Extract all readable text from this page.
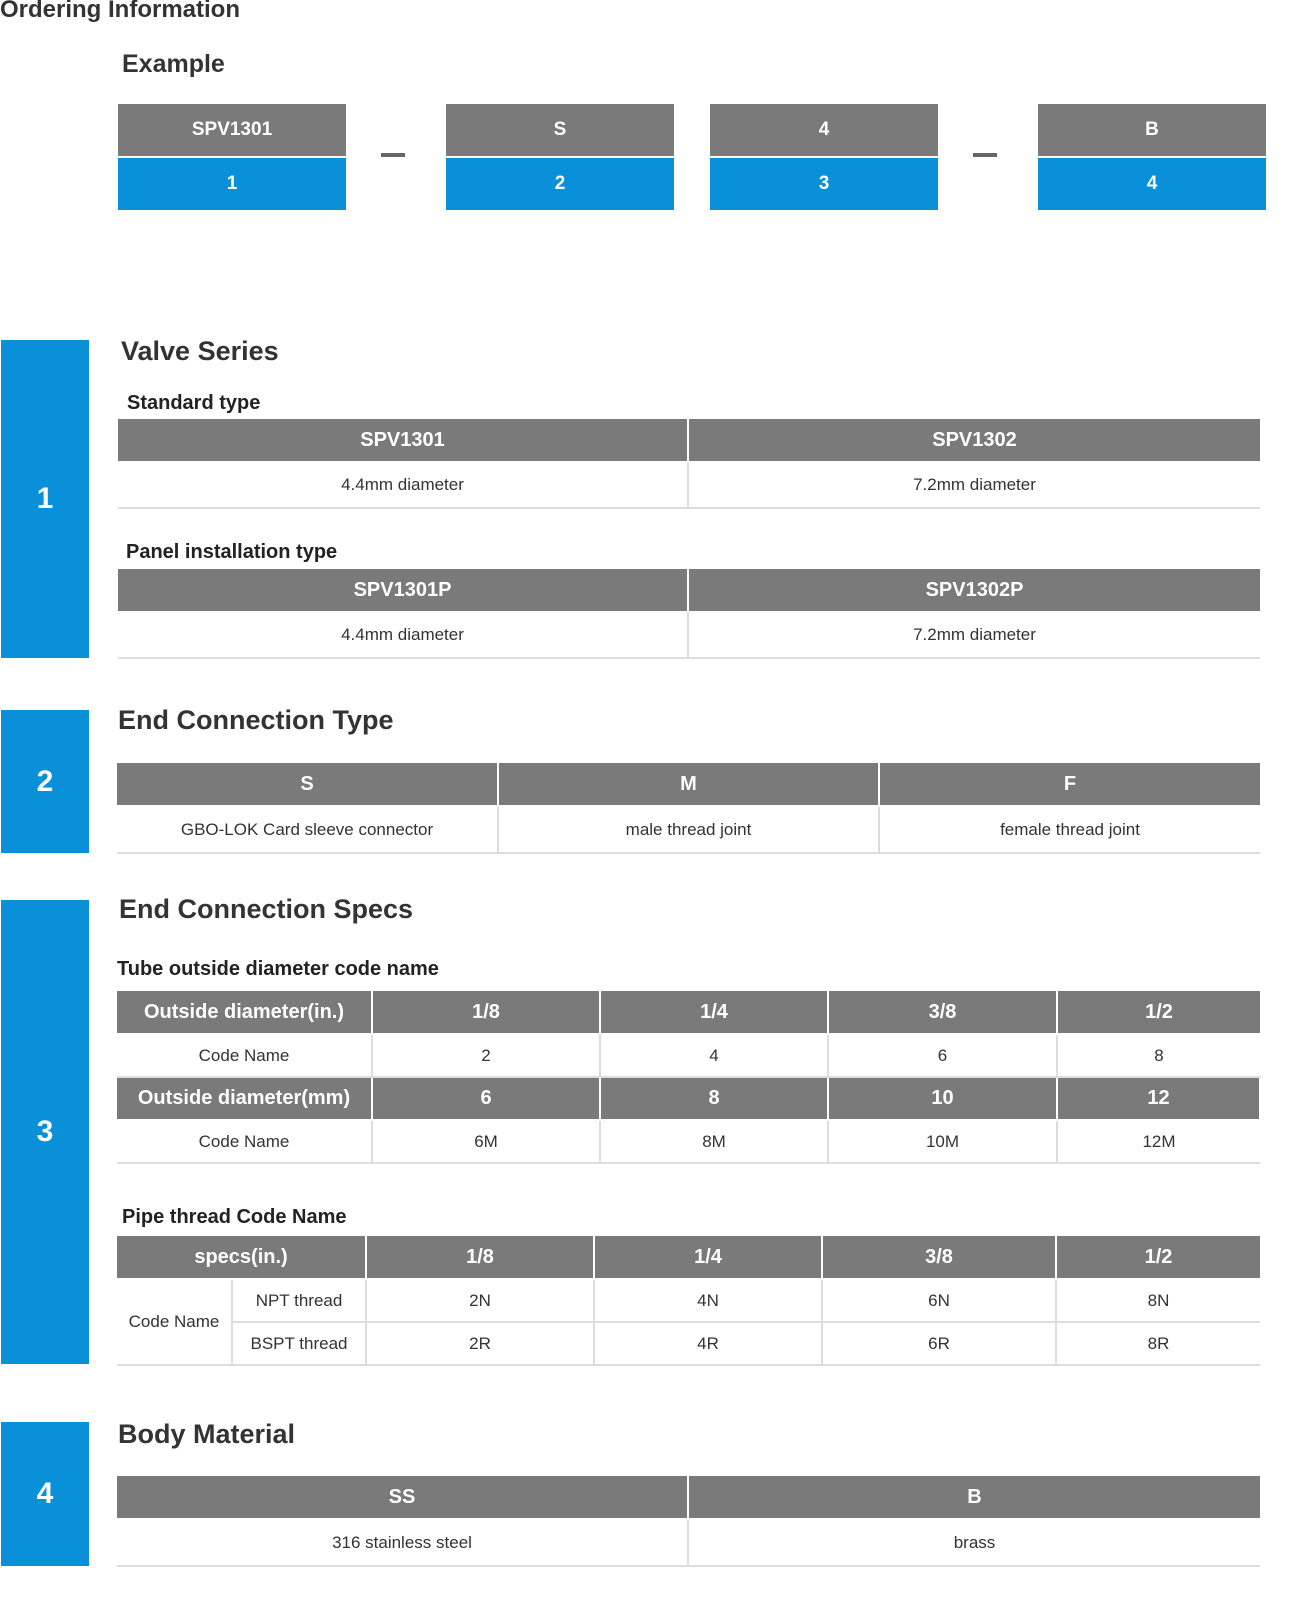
Ordering Information
Example
SPV1301
1
S
2
4
3
B
4
1
Valve Series
Standard type
SPV1301	SPV1302
4.4mm diameter	7.2mm diameter
Panel installation type
SPV1301P	SPV1302P
4.4mm diameter	7.2mm diameter
2
End Connection Type
S	M	F
GBO-LOK Card sleeve connector	male thread joint	female thread joint
3
End Connection Specs
Tube outside diameter code name
Outside diameter(in.)	1/8	1/4	3/8	1/2
Code Name	2	4	6	8
Outside diameter(mm)	6	8	10	12
Code Name	6M	8M	10M	12M
Pipe thread Code Name
specs(in.)		1/8	1/4	3/8	1/2
Code Name	NPT thread	2N	4N	6N	8N
	BSPT thread	2R	4R	6R	8R
4
Body Material
SS	B
316 stainless steel	brass
